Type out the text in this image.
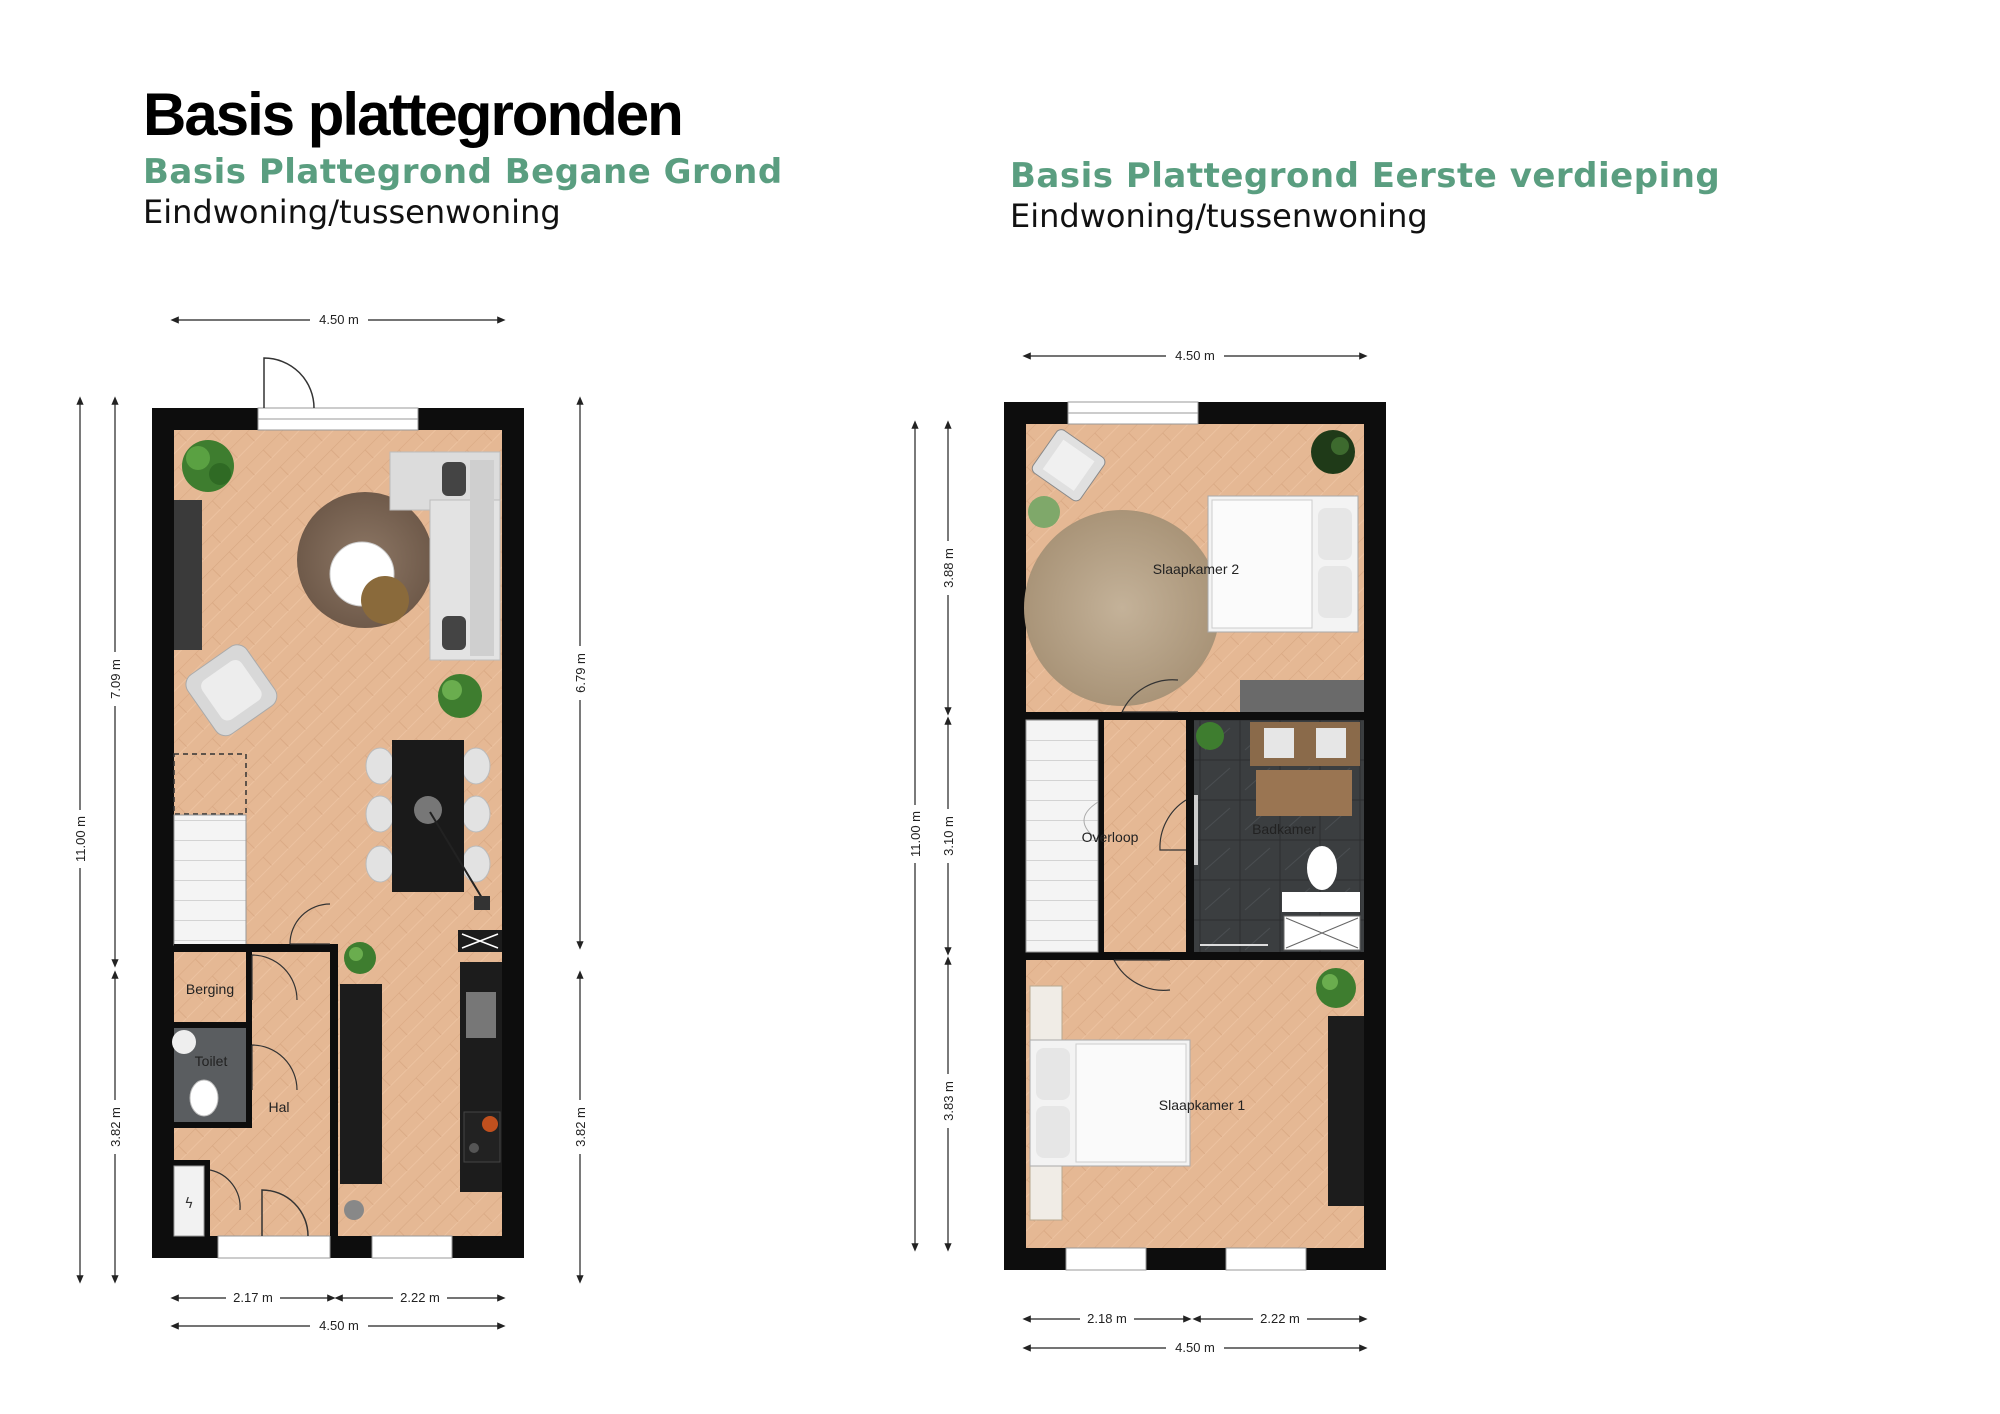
Basis plattegronden
Basis Plattegrond Begane Grond
Eindwoning/tussenwoning
Basis Plattegrond Eerste verdieping
Eindwoning/tussenwoning
ϟ
Berging
Toilet
Hal
4.50 m
11.00 m
7.09 m
3.82 m
6.79 m
3.82 m
2.17 m	2.22 m
4.50 m
Slaapkamer 2
Overloop	Badkamer
Slaapkamer 1
4.50 m
11.00 m
3.88 m
3.10 m
3.83 m
2.18 m	2.22 m
4.50 m
